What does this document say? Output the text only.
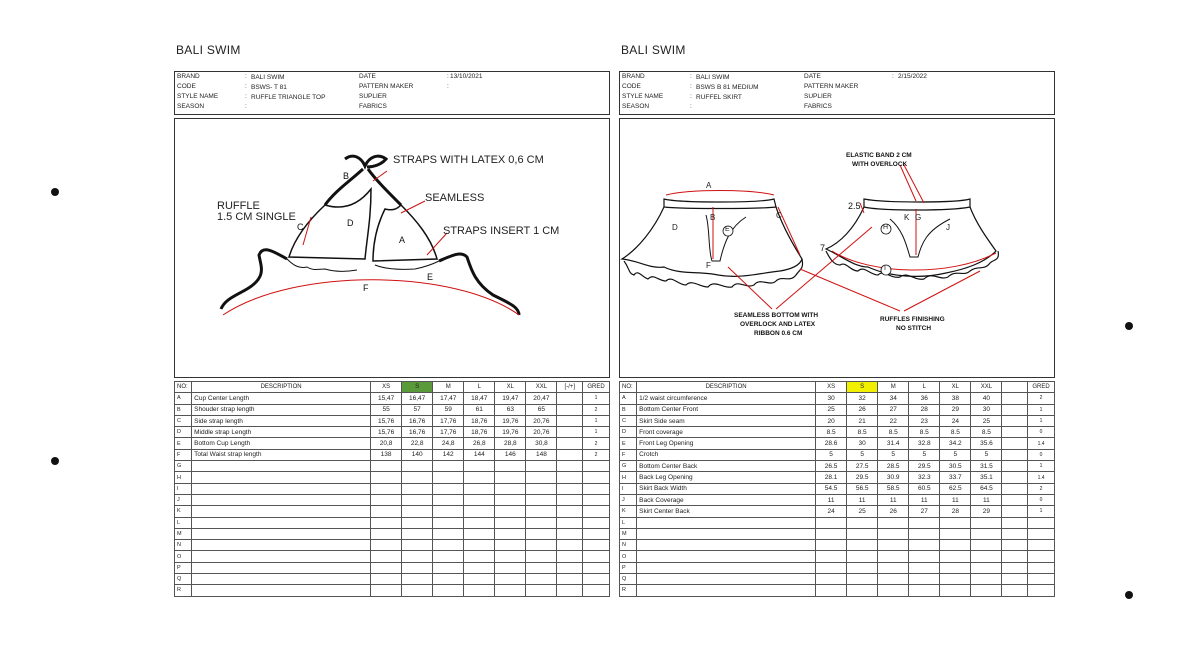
BALI SWIM
BRAND	: BALI SWIM
CODE	: BSWS- T 81
STYLE NAME	: RUFFLE TRIANGLE TOP
SEASON	:
DATE	: 13/10/2021
PATTERN MAKER	:
SUPLIER
FABRICS
STRAPS WITH LATEX 0,6 CM
SEAMLESS
RUFFLE
1.5 CM SINGLE
STRAPS INSERT 1 CM
A
B
C	D
E
F
NO:	DESCRIPTION	XS	S	M	L	XL	XXL	[-/+]	GRED
A	Cup Center Length	15,47	16,47	17,47	18,47	19,47	20,47		1
B	Shouder strap length	55	57	59	61	63	65		2
C	Side strap length	15,76	16,76	17,76	18,76	19,76	20,76		1
D	Middle strap Length	15,76	16,76	17,76	18,76	19,76	20,76		1
E	Bottom Cup Length	20,8	22,8	24,8	26,8	28,8	30,8		2
F	Total Waist strap length	138	140	142	144	146	148		2
G									
H									
I									
J									
K									
L									
M									
N									
O									
P									
Q									
R									
BALI SWIM
BRAND	: BALI SWIM
CODE	: BSWS B 81 MEDIUM
STYLE NAME	: RUFFEL SKIRT
SEASON	:
DATE	: 2/15/2022
PATTERN MAKER
SUPLIER
FABRICS
ELASTIC BAND 2 CM
WITH OVERLOCK
SEAMLESS BOTTOM WITH
OVERLOCK AND LATEX
RIBBON 0.6 CM
RUFFLES FINISHING
NO STITCH
2.5
7
A
B	C
D	E
F
H
K G
J
I
NO:	DESCRIPTION	XS	S	M	L	XL	XXL		GRED
A	1/2 waist circumference	30	32	34	36	38	40		2
B	Bottom Center Front	25	26	27	28	29	30		1
C	Skirt Side seam	20	21	22	23	24	25		1
D	Front coverage	8.5	8.5	8.5	8.5	8.5	8.5		0
E	Front Leg Opening	28.6	30	31.4	32.8	34.2	35.6		1.4
F	Crotch	5	5	5	5	5	5		0
G	Bottom Center Back	26.5	27.5	28.5	29.5	30.5	31.5		1
H	Back Leg Opening	28.1	29.5	30.9	32.3	33.7	35.1		1.4
I	Skirt Back Width	54.5	56.5	58.5	60.5	62.5	64.5		2
J	Back Coverage	11	11	11	11	11	11		0
K	Skirt Center Back	24	25	26	27	28	29		1
L									
M									
N									
O									
P									
Q									
R									
